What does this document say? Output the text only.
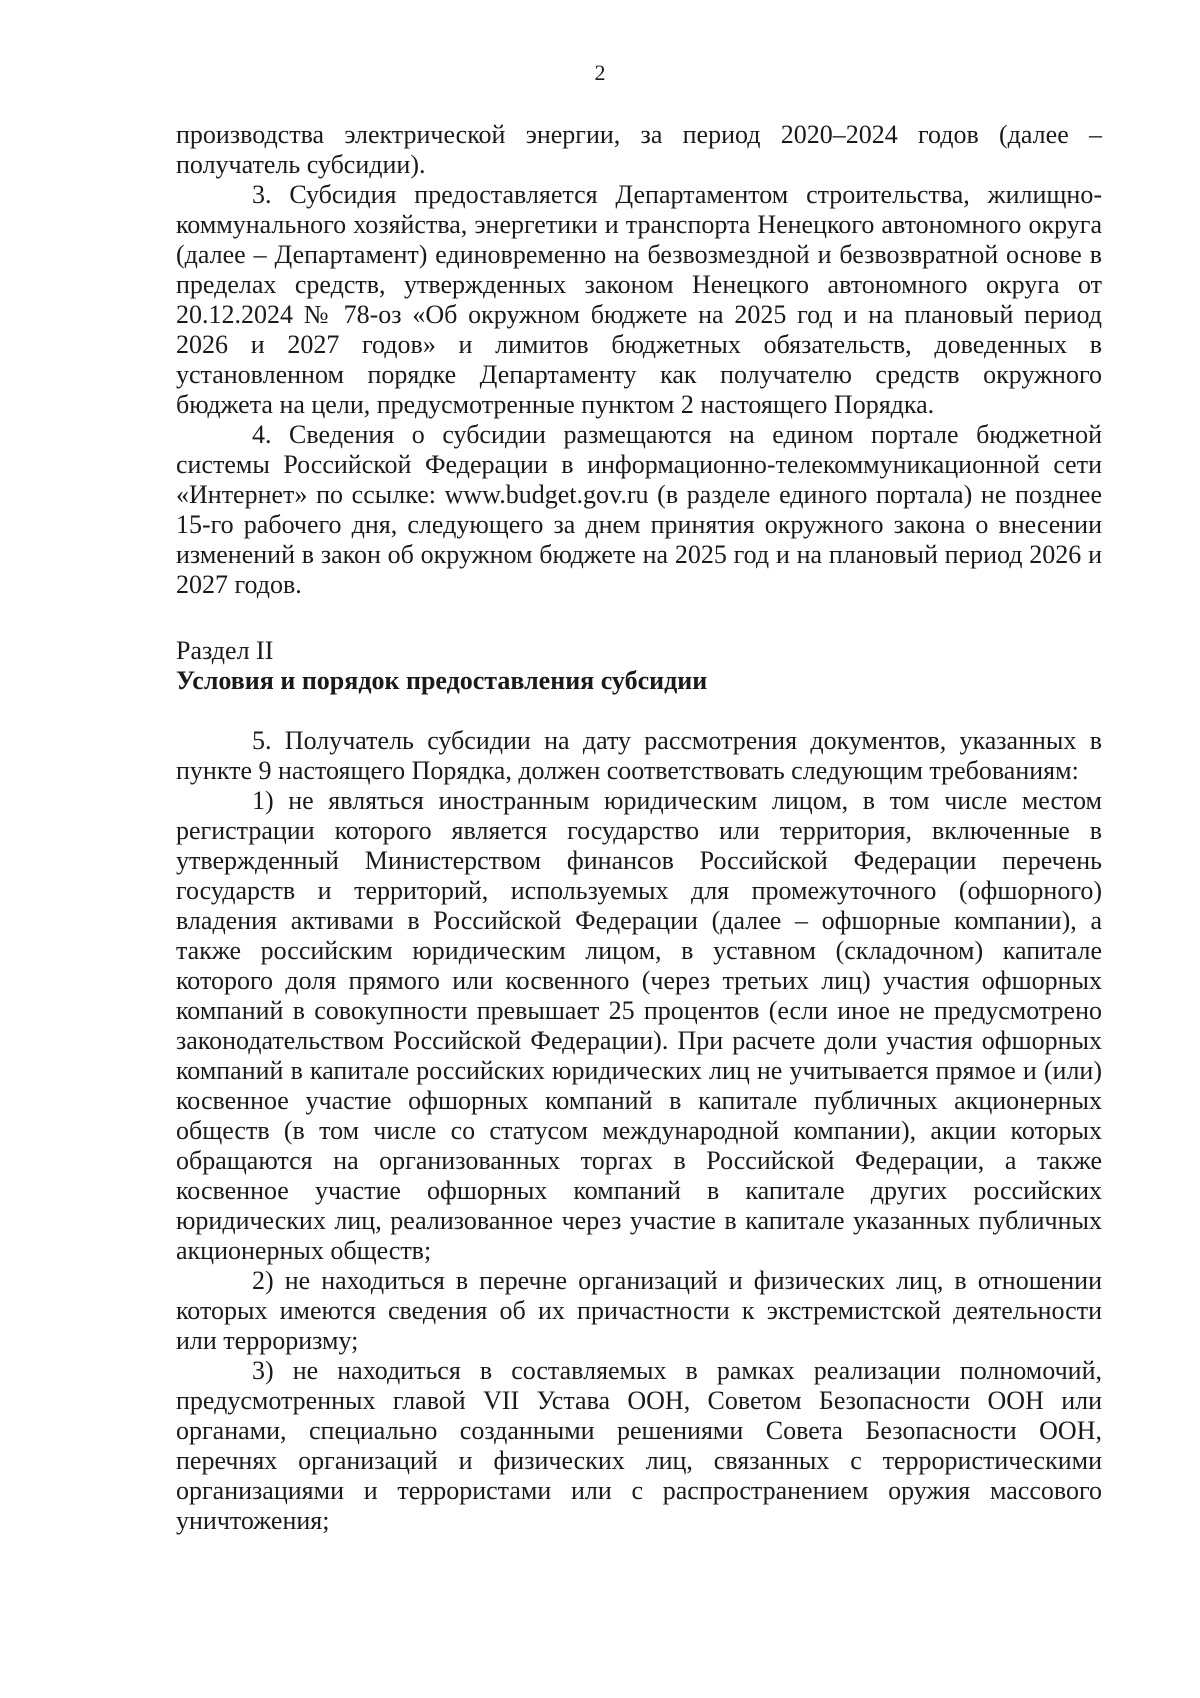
2

производства электрической энергии, за период 2020–2024 годов (далее – получатель субсидии).

3. Субсидия предоставляется Департаментом строительства, жилищно-коммунального хозяйства, энергетики и транспорта Ненецкого автономного округа (далее – Департамент) единовременно на безвозмездной и безвозвратной основе в пределах средств, утвержденных законом Ненецкого автономного округа от 20.12.2024 № 78-оз «Об окружном бюджете на 2025 год и на плановый период 2026 и 2027 годов» и лимитов бюджетных обязательств, доведенных в установленном порядке Департаменту как получателю средств окружного бюджета на цели, предусмотренные пунктом 2 настоящего Порядка.

4. Сведения о субсидии размещаются на едином портале бюджетной системы Российской Федерации в информационно-телекоммуникационной сети «Интернет» по ссылке: www.budget.gov.ru (в разделе единого портала) не позднее 15-го рабочего дня, следующего за днем принятия окружного закона о внесении изменений в закон об окружном бюджете на 2025 год и на плановый период 2026 и 2027 годов.

Раздел II

Условия и порядок предоставления субсидии

5. Получатель субсидии на дату рассмотрения документов, указанных в пункте 9 настоящего Порядка, должен соответствовать следующим требованиям:

1) не являться иностранным юридическим лицом, в том числе местом регистрации которого является государство или территория, включенные в утвержденный Министерством финансов Российской Федерации перечень государств и территорий, используемых для промежуточного (офшорного) владения активами в Российской Федерации (далее – офшорные компании), а также российским юридическим лицом, в уставном (складочном) капитале которого доля прямого или косвенного (через третьих лиц) участия офшорных компаний в совокупности превышает 25 процентов (если иное не предусмотрено законодательством Российской Федерации). При расчете доли участия офшорных компаний в капитале российских юридических лиц не учитывается прямое и (или) косвенное участие офшорных компаний в капитале публичных акционерных обществ (в том числе со статусом международной компании), акции которых обращаются на организованных торгах в Российской Федерации, а также косвенное участие офшорных компаний в капитале других российских юридических лиц, реализованное через участие в капитале указанных публичных акционерных обществ;

2) не находиться в перечне организаций и физических лиц, в отношении которых имеются сведения об их причастности к экстремистской деятельности или терроризму;

3) не находиться в составляемых в рамках реализации полномочий, предусмотренных главой VII Устава ООН, Советом Безопасности ООН или органами, специально созданными решениями Совета Безопасности ООН, перечнях организаций и физических лиц, связанных с террористическими организациями и террористами или с распространением оружия массового уничтожения;
